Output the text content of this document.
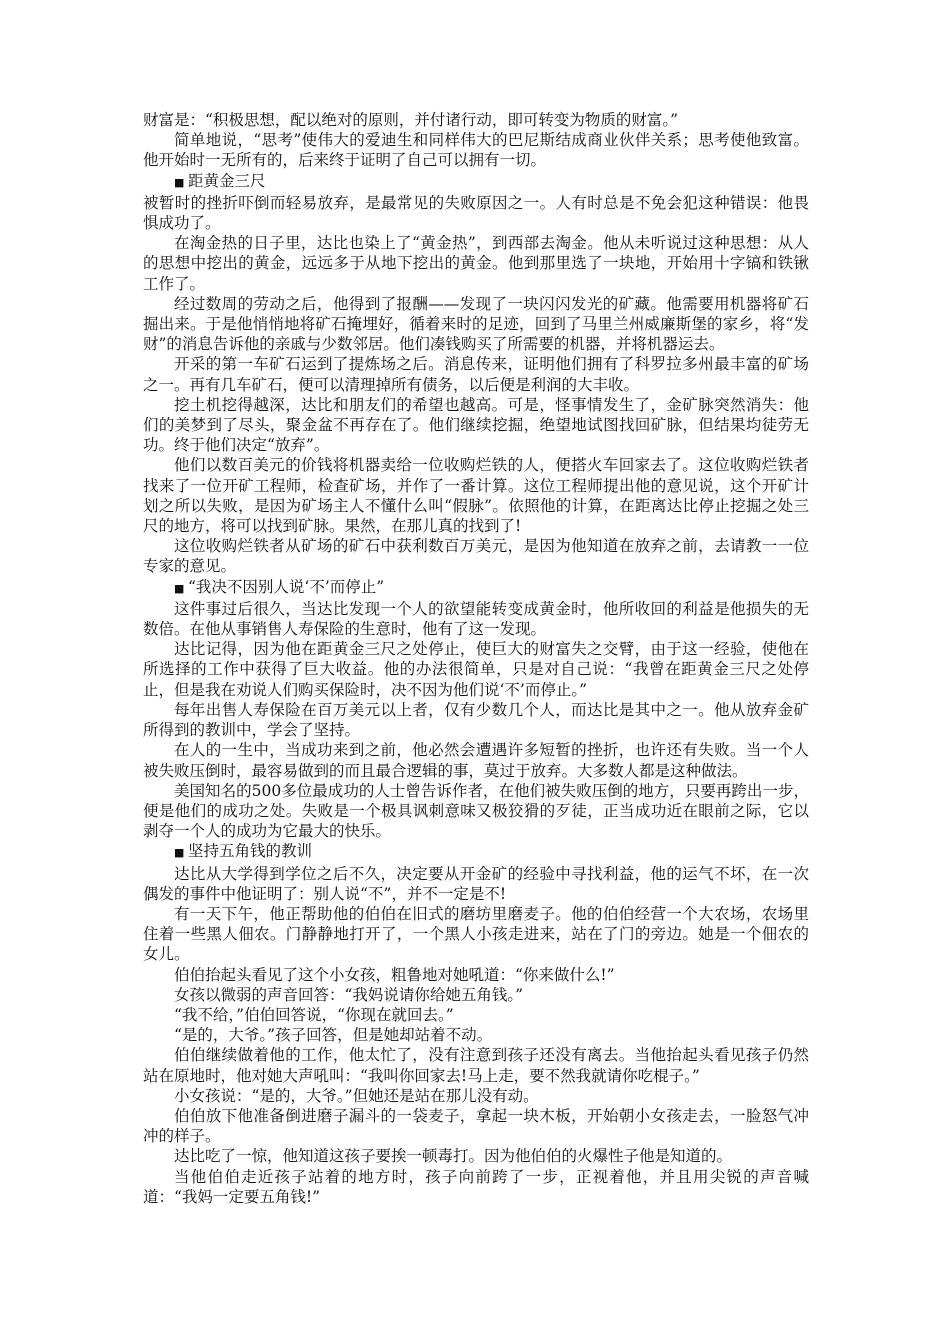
财富是：“积极思想，配以绝对的原则，并付诸行动，即可转变为物质的财富。”

简单地说，“思考”使伟大的爱迪生和同样伟大的巴尼斯结成商业伙伴关系；思考使他致富。他开始时一无所有的，后来终于证明了自己可以拥有一切。

■ 距黄金三尺

被暂时的挫折吓倒而轻易放弃，是最常见的失败原因之一。人有时总是不免会犯这种错误：他畏惧成功了。

在淘金热的日子里，达比也染上了“黄金热”，到西部去淘金。他从未听说过这种思想：从人的思想中挖出的黄金，远远多于从地下挖出的黄金。他到那里选了一块地，开始用十字镐和铁锹工作了。

经过数周的劳动之后，他得到了报酬——发现了一块闪闪发光的矿藏。他需要用机器将矿石掘出来。于是他悄悄地将矿石掩埋好，循着来时的足迹，回到了马里兰州威廉斯堡的家乡，将“发财”的消息告诉他的亲戚与少数邻居。他们凑钱购买了所需要的机器，并将机器运去。

开采的第一车矿石运到了提炼场之后。消息传来，证明他们拥有了科罗拉多州最丰富的矿场之一。再有几车矿石，便可以清理掉所有债务，以后便是利润的大丰收。

挖土机挖得越深，达比和朋友们的希望也越高。可是，怪事情发生了，金矿脉突然消失：他们的美梦到了尽头，聚金盆不再存在了。他们继续挖掘，绝望地试图找回矿脉，但结果均徒劳无功。终于他们决定“放弃”。

他们以数百美元的价钱将机器卖给一位收购烂铁的人，便搭火车回家去了。这位收购烂铁者找来了一位开矿工程师，检查矿场，并作了一番计算。这位工程师提出他的意见说，这个开矿计划之所以失败，是因为矿场主人不懂什么叫“假脉”。依照他的计算，在距离达比停止挖掘之处三尺的地方，将可以找到矿脉。果然，在那儿真的找到了!

这位收购烂铁者从矿场的矿石中获利数百万美元，是因为他知道在放弃之前，去请教一一位专家的意见。

■ “我决不因别人说‘不’而停止”

这件事过后很久，当达比发现一个人的欲望能转变成黄金时，他所收回的利益是他损失的无数倍。在他从事销售人寿保险的生意时，他有了这一发现。

达比记得，因为他在距黄金三尺之处停止，使巨大的财富失之交臂，由于这一经验，使他在所选择的工作中获得了巨大收益。他的办法很简单，只是对自己说：“我曾在距黄金三尺之处停止，但是我在劝说人们购买保险时，决不因为他们说‘不’而停止。”

每年出售人寿保险在百万美元以上者，仅有少数几个人，而达比是其中之一。他从放弃金矿所得到的教训中，学会了坚持。

在人的一生中，当成功来到之前，他必然会遭遇许多短暂的挫折，也许还有失败。当一个人被失败压倒时，最容易做到的而且最合逻辑的事，莫过于放弃。大多数人都是这种做法。

美国知名的500多位最成功的人士曾告诉作者，在他们被失败压倒的地方，只要再跨出一步，便是他们的成功之处。失败是一个极具讽刺意味又极狡猾的歹徒，正当成功近在眼前之际，它以剥夺一个人的成功为它最大的快乐。

■ 坚持五角钱的教训

达比从大学得到学位之后不久，决定要从开金矿的经验中寻找利益，他的运气不坏，在一次偶发的事件中他证明了：别人说“不”，并不一定是不!

有一天下午，他正帮助他的伯伯在旧式的磨坊里磨麦子。他的伯伯经营一个大农场，农场里住着一些黑人佃农。门静静地打开了，一个黑人小孩走进来，站在了门的旁边。她是一个佃农的女儿。

伯伯抬起头看见了这个小女孩，粗鲁地对她吼道：“你来做什么!”

女孩以微弱的声音回答：“我妈说请你给她五角钱。”

“我不给，”伯伯回答说，“你现在就回去。”

“是的，大爷。”孩子回答，但是她却站着不动。

伯伯继续做着他的工作，他太忙了，没有注意到孩子还没有离去。当他抬起头看见孩子仍然站在原地时，他对她大声吼叫：“我叫你回家去!马上走，要不然我就请你吃棍子。”

小女孩说：“是的，大爷。”但她还是站在那儿没有动。

伯伯放下他准备倒进磨子漏斗的一袋麦子，拿起一块木板，开始朝小女孩走去，一脸怒气冲冲的样子。

达比吃了一惊，他知道这孩子要挨一顿毒打。因为他伯伯的火爆性子他是知道的。

当他伯伯走近孩子站着的地方时，孩子向前跨了一步，正视着他，并且用尖锐的声音喊道：“我妈一定要五角钱!”
